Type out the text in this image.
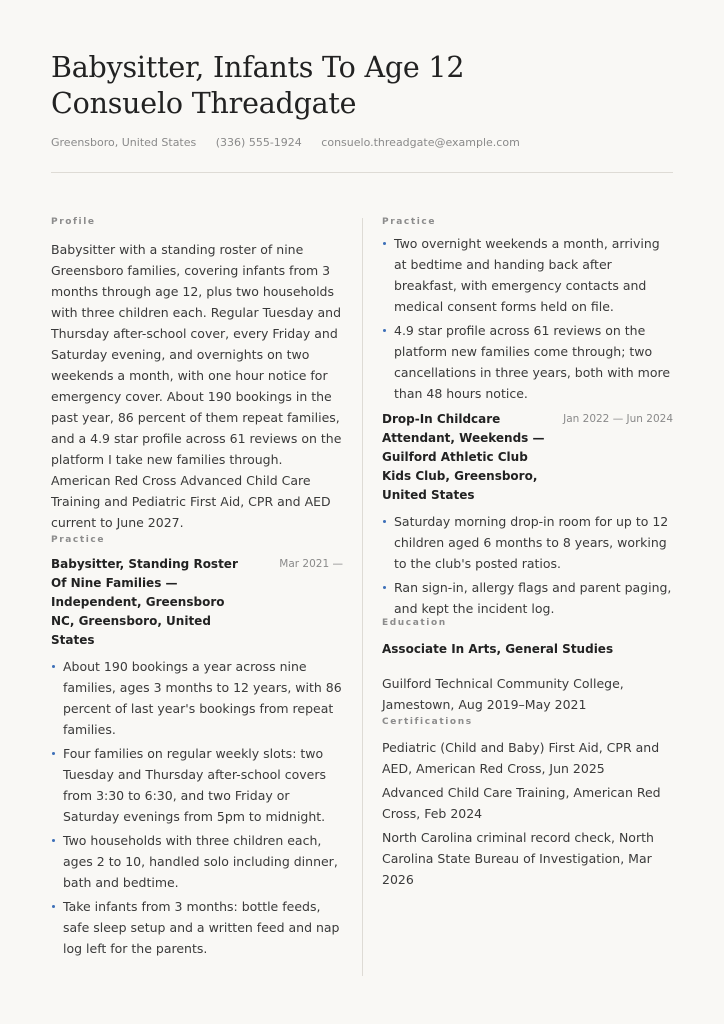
Babysitter, Infants To Age 12
Consuelo Threadgate
Greensboro, United States (336) 555-1924 consuelo.threadgate@example.com
Profile
Babysitter with a standing roster of nine Greensboro families, covering infants from 3 months through age 12, plus two households with three children each. Regular Tuesday and Thursday after-school cover, every Friday and Saturday evening, and overnights on two weekends a month, with one hour notice for emergency cover. About 190 bookings in the past year, 86 percent of them repeat families, and a 4.9 star profile across 61 reviews on the platform I take new families through. American Red Cross Advanced Child Care Training and Pediatric First Aid, CPR and AED current to June 2027.
Practice
Babysitter, Standing Roster Of Nine Families — Independent, Greensboro NC, Greensboro, United States
Mar 2021 —
About 190 bookings a year across nine families, ages 3 months to 12 years, with 86 percent of last year's bookings from repeat families.
Four families on regular weekly slots: two Tuesday and Thursday after-school covers from 3:30 to 6:30, and two Friday or Saturday evenings from 5pm to midnight.
Two households with three children each, ages 2 to 10, handled solo including dinner, bath and bedtime.
Take infants from 3 months: bottle feeds, safe sleep setup and a written feed and nap log left for the parents.
Practice
Two overnight weekends a month, arriving at bedtime and handing back after breakfast, with emergency contacts and medical consent forms held on file.
4.9 star profile across 61 reviews on the platform new families come through; two cancellations in three years, both with more than 48 hours notice.
Drop-In Childcare Attendant, Weekends — Guilford Athletic Club Kids Club, Greensboro, United States
Jan 2022 — Jun 2024
Saturday morning drop-in room for up to 12 children aged 6 months to 8 years, working to the club's posted ratios.
Ran sign-in, allergy flags and parent paging, and kept the incident log.
Education
Associate In Arts, General Studies
Guilford Technical Community College, Jamestown, Aug 2019–May 2021
Certifications
Pediatric (Child and Baby) First Aid, CPR and AED, American Red Cross, Jun 2025
Advanced Child Care Training, American Red Cross, Feb 2024
North Carolina criminal record check, North Carolina State Bureau of Investigation, Mar 2026
